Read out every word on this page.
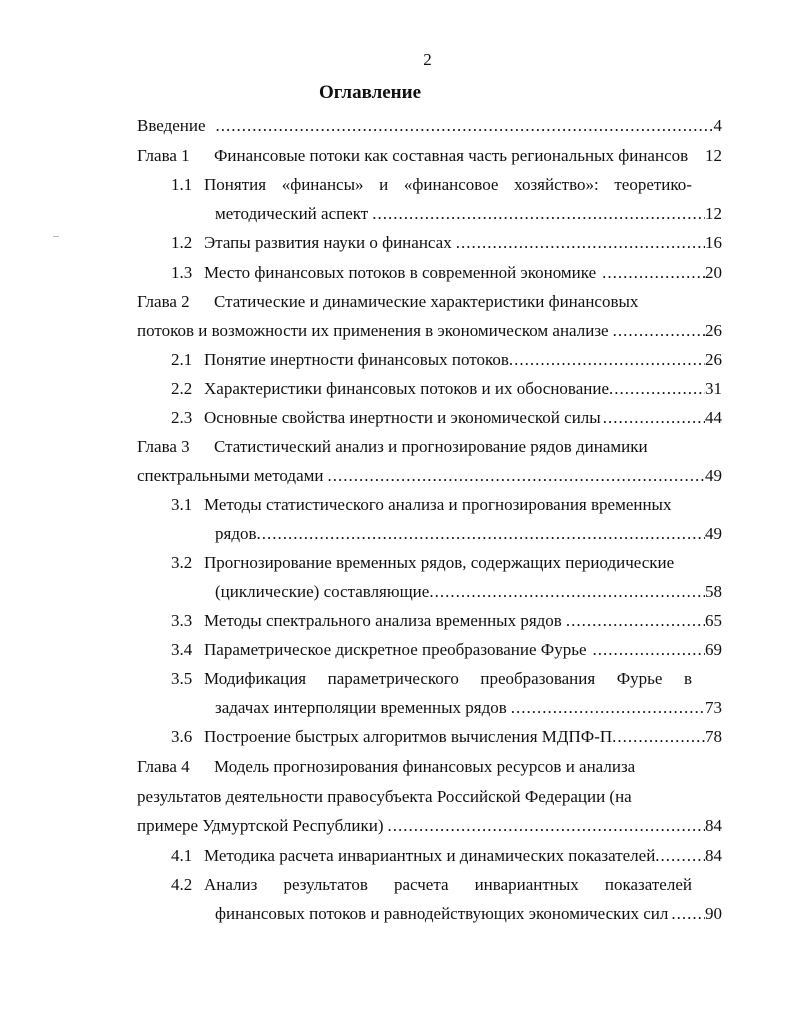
2
Оглавление
Введение .....	4
Глава 1 Финансовые потоки как составная часть региональных финансов 12
1.1 Понятия «финансы» и «финансовое хозяйство»: теоретико-
методический аспект .....	12
1.2 Этапы развития науки о финансах .....	16
1.3 Место финансовых потоков в современной экономике .....	20
Глава 2 Статические и динамические характеристики финансовых
потоков и возможности их применения в экономическом анализе .....	26
2.1 Понятие инертности финансовых потоков .....	26
2.2 Характеристики финансовых потоков и их обоснование .....	31
2.3 Основные свойства инертности и экономической силы .....	44
Глава 3 Статистический анализ и прогнозирование рядов динамики
спектральными методами .....	49
3.1 Методы статистического анализа и прогнозирования временных
рядов .....	49
3.2 Прогнозирование временных рядов, содержащих периодические
(циклические) составляющие .....	58
3.3 Методы спектрального анализа временных рядов .....	65
3.4 Параметрическое дискретное преобразование Фурье .....	69
3.5 Модификация параметрического преобразования Фурье в
задачах интерполяции временных рядов .....	73
3.6 Построение быстрых алгоритмов вычисления МДПФ-П .....	78
Глава 4 Модель прогнозирования финансовых ресурсов и анализа
результатов деятельности правосубъекта Российской Федерации (на
примере Удмуртской Республики) .....	84
4.1 Методика расчета инвариантных и динамических показателей .....	84
4.2 Анализ результатов расчета инвариантных показателей
финансовых потоков и равнодействующих экономических сил ..... 90
